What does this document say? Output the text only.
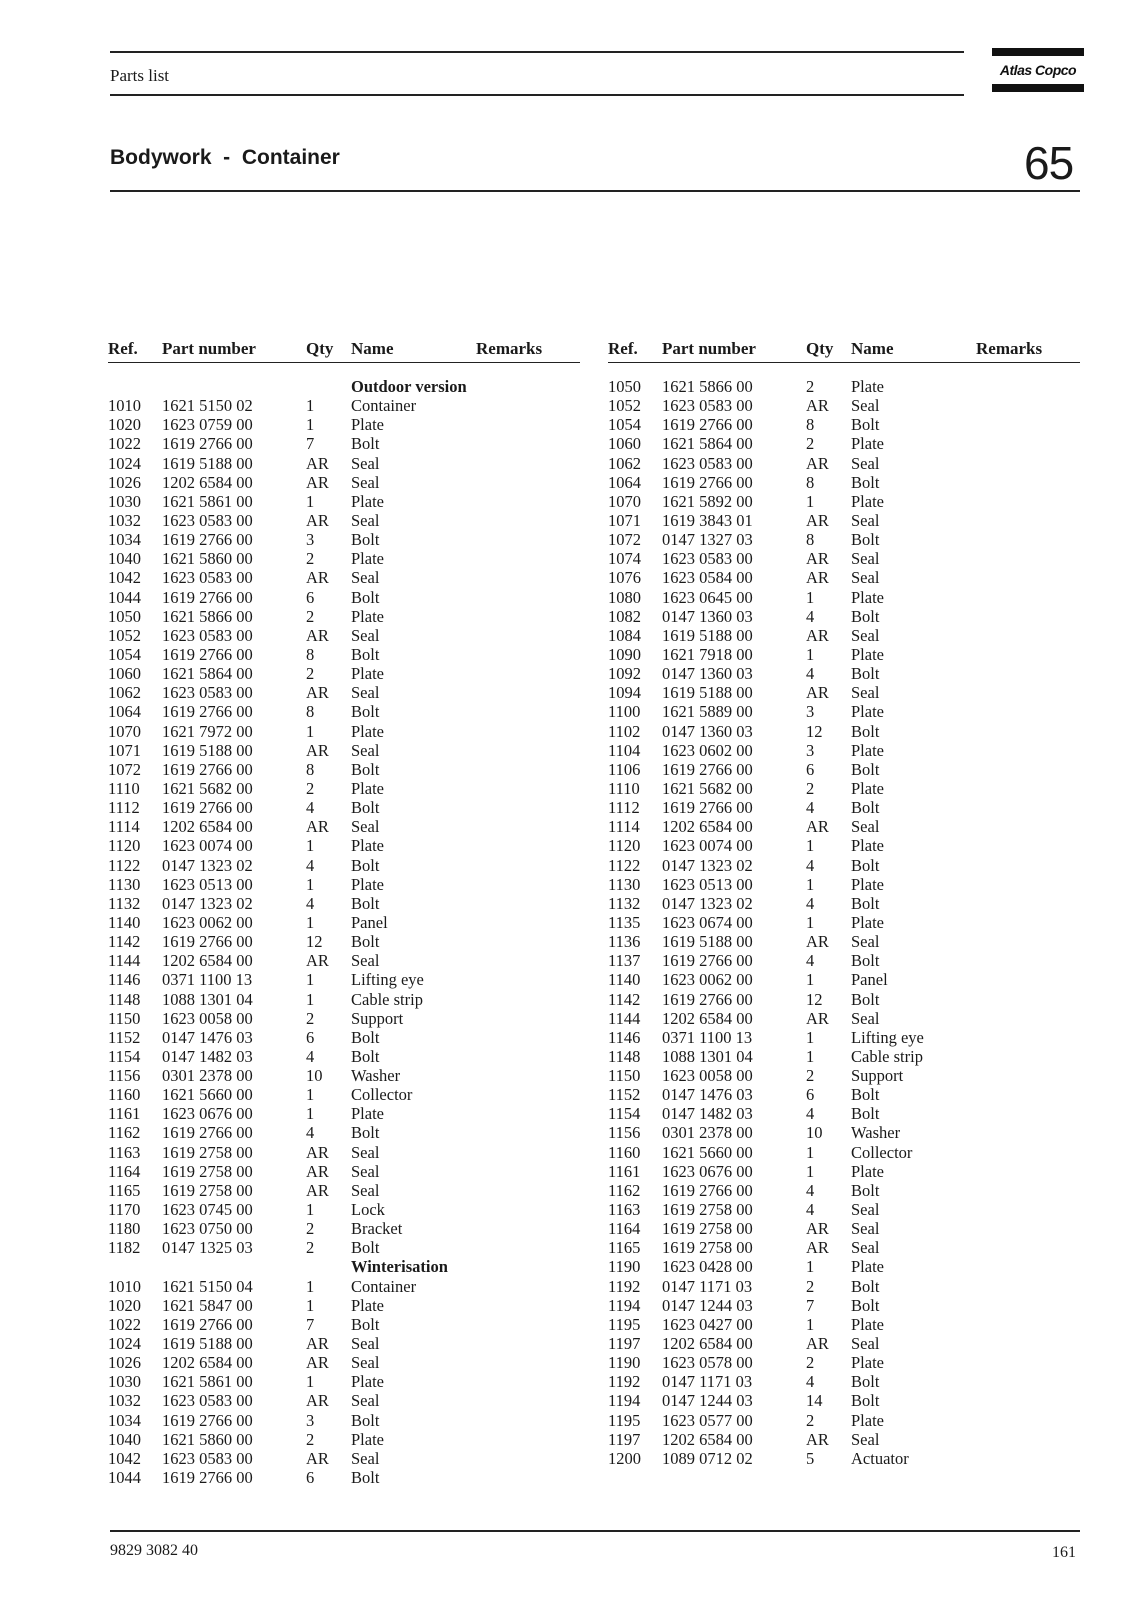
Parts list	Atlas Copco
Bodywork  -  Container	65
Ref. Part number	Qty Name	Remarks
Outdoor version
1010 1621 5150 02	1 Container
1020 1623 0759 00	1 Plate
1022 1619 2766 00	7 Bolt
1024 1619 5188 00	AR Seal
1026 1202 6584 00	AR Seal
1030 1621 5861 00	1 Plate
1032 1623 0583 00	AR Seal
1034 1619 2766 00	3 Bolt
1040 1621 5860 00	2 Plate
1042 1623 0583 00	AR Seal
1044 1619 2766 00	6 Bolt
1050 1621 5866 00	2 Plate
1052 1623 0583 00	AR Seal
1054 1619 2766 00	8 Bolt
1060 1621 5864 00	2 Plate
1062 1623 0583 00	AR Seal
1064 1619 2766 00	8 Bolt
1070 1621 7972 00	1 Plate
1071 1619 5188 00	AR Seal
1072 1619 2766 00	8 Bolt
1110 1621 5682 00	2 Plate
1112 1619 2766 00	4 Bolt
1114 1202 6584 00	AR Seal
1120 1623 0074 00	1 Plate
1122 0147 1323 02	4 Bolt
1130 1623 0513 00	1 Plate
1132 0147 1323 02	4 Bolt
1140 1623 0062 00	1 Panel
1142 1619 2766 00	12 Bolt
1144 1202 6584 00	AR Seal
1146 0371 1100 13	1 Lifting eye
1148 1088 1301 04	1 Cable strip
1150 1623 0058 00	2 Support
1152 0147 1476 03	6 Bolt
1154 0147 1482 03	4 Bolt
1156 0301 2378 00	10 Washer
1160 1621 5660 00	1 Collector
1161 1623 0676 00	1 Plate
1162 1619 2766 00	4 Bolt
1163 1619 2758 00	AR Seal
1164 1619 2758 00	AR Seal
1165 1619 2758 00	AR Seal
1170 1623 0745 00	1 Lock
1180 1623 0750 00	2 Bracket
1182 0147 1325 03	2 Bolt
Winterisation
1010 1621 5150 04	1 Container
1020 1621 5847 00	1 Plate
1022 1619 2766 00	7 Bolt
1024 1619 5188 00	AR Seal
1026 1202 6584 00	AR Seal
1030 1621 5861 00	1 Plate
1032 1623 0583 00	AR Seal
1034 1619 2766 00	3 Bolt
1040 1621 5860 00	2 Plate
1042 1623 0583 00	AR Seal
1044 1619 2766 00	6 Bolt
Ref. Part number	Qty Name	Remarks
1050 1621 5866 00	2 Plate
1052 1623 0583 00	AR Seal
1054 1619 2766 00	8 Bolt
1060 1621 5864 00	2 Plate
1062 1623 0583 00	AR Seal
1064 1619 2766 00	8 Bolt
1070 1621 5892 00	1 Plate
1071 1619 3843 01	AR Seal
1072 0147 1327 03	8 Bolt
1074 1623 0583 00	AR Seal
1076 1623 0584 00	AR Seal
1080 1623 0645 00	1 Plate
1082 0147 1360 03	4 Bolt
1084 1619 5188 00	AR Seal
1090 1621 7918 00	1 Plate
1092 0147 1360 03	4 Bolt
1094 1619 5188 00	AR Seal
1100 1621 5889 00	3 Plate
1102 0147 1360 03	12 Bolt
1104 1623 0602 00	3 Plate
1106 1619 2766 00	6 Bolt
1110 1621 5682 00	2 Plate
1112 1619 2766 00	4 Bolt
1114 1202 6584 00	AR Seal
1120 1623 0074 00	1 Plate
1122 0147 1323 02	4 Bolt
1130 1623 0513 00	1 Plate
1132 0147 1323 02	4 Bolt
1135 1623 0674 00	1 Plate
1136 1619 5188 00	AR Seal
1137 1619 2766 00	4 Bolt
1140 1623 0062 00	1 Panel
1142 1619 2766 00	12 Bolt
1144 1202 6584 00	AR Seal
1146 0371 1100 13	1 Lifting eye
1148 1088 1301 04	1 Cable strip
1150 1623 0058 00	2 Support
1152 0147 1476 03	6 Bolt
1154 0147 1482 03	4 Bolt
1156 0301 2378 00	10 Washer
1160 1621 5660 00	1 Collector
1161 1623 0676 00	1 Plate
1162 1619 2766 00	4 Bolt
1163 1619 2758 00	4 Seal
1164 1619 2758 00	AR Seal
1165 1619 2758 00	AR Seal
1190 1623 0428 00	1 Plate
1192 0147 1171 03	2 Bolt
1194 0147 1244 03	7 Bolt
1195 1623 0427 00	1 Plate
1197 1202 6584 00	AR Seal
1190 1623 0578 00	2 Plate
1192 0147 1171 03	4 Bolt
1194 0147 1244 03	14 Bolt
1195 1623 0577 00	2 Plate
1197 1202 6584 00	AR Seal
1200 1089 0712 02	5 Actuator
9829 3082 40	161
